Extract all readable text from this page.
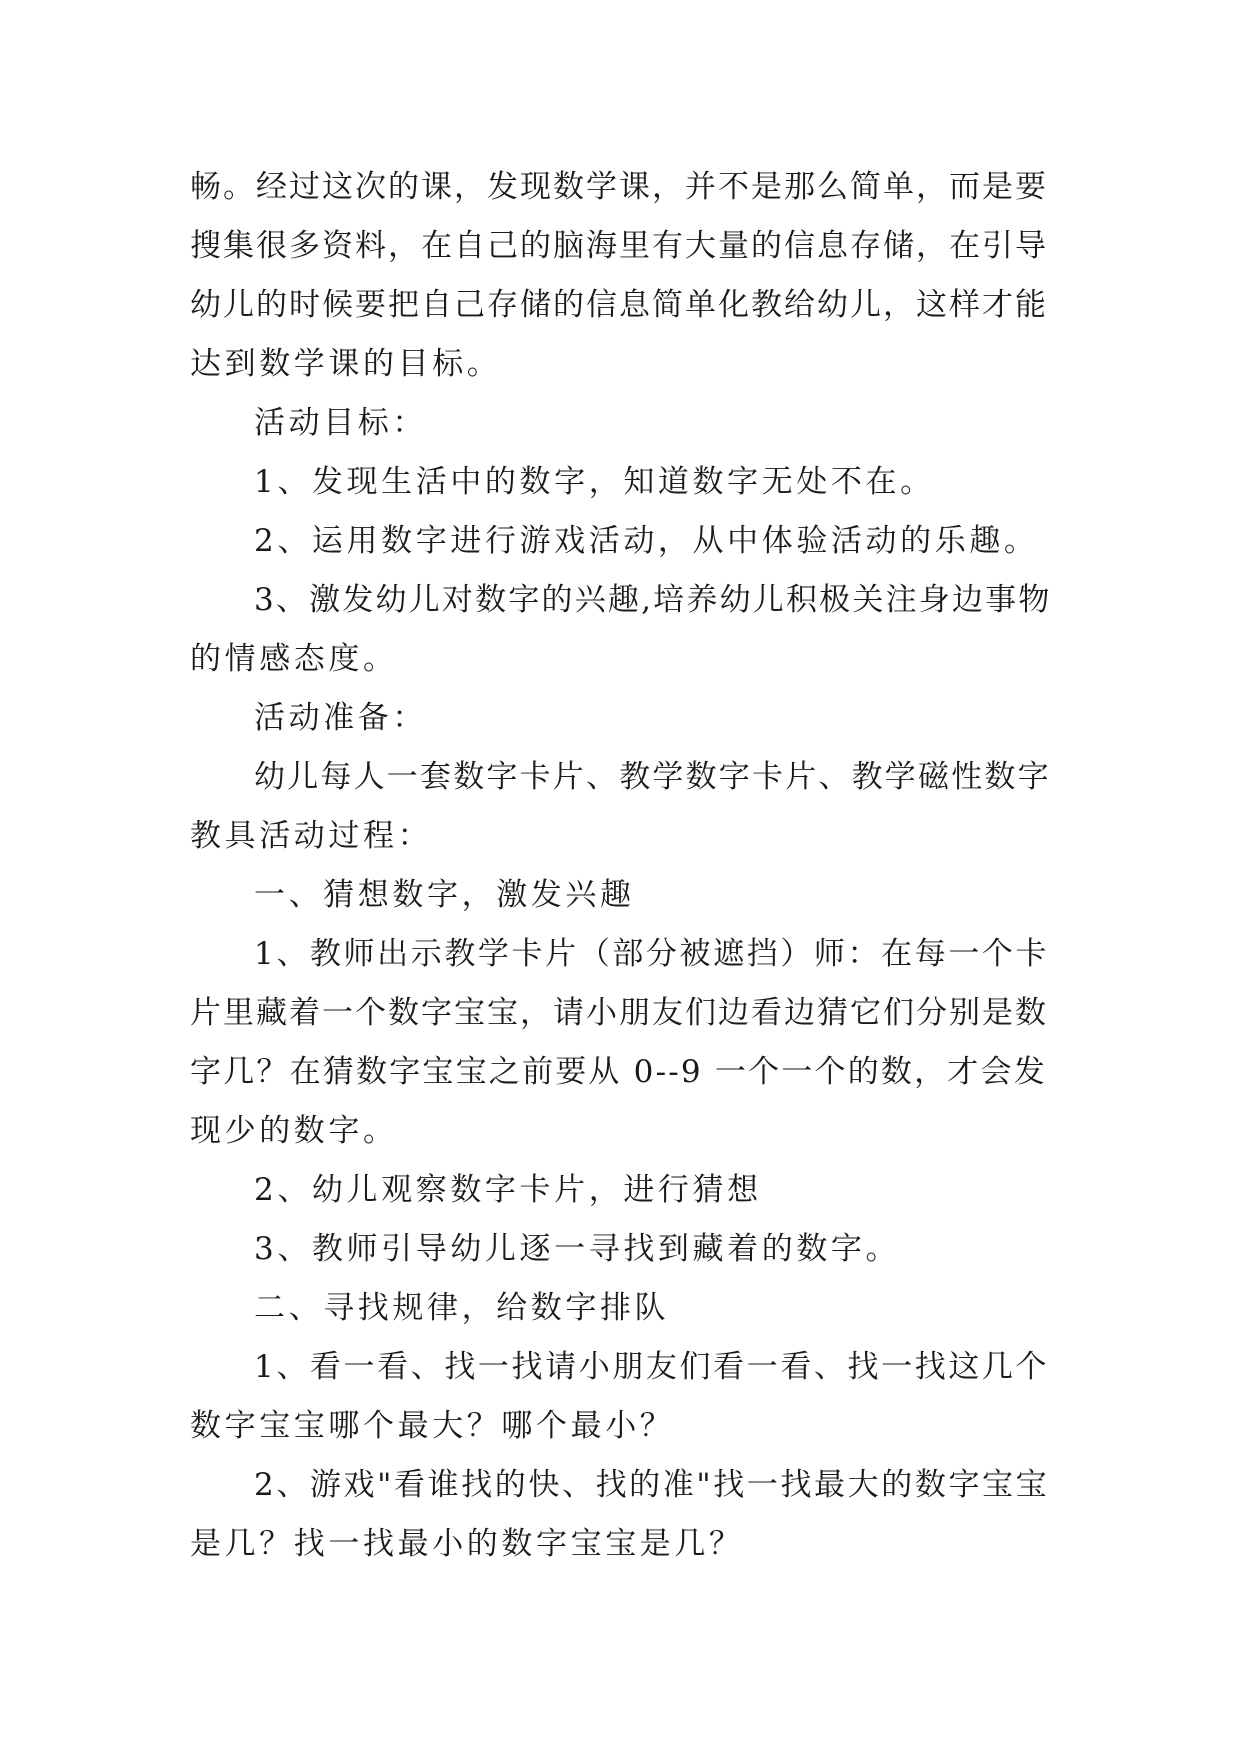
畅。经过这次的课，发现数学课，并不是那么简单，而是要
搜集很多资料，在自己的脑海里有大量的信息存储，在引导
幼儿的时候要把自己存储的信息简单化教给幼儿，这样才能
达到数学课的目标。
活动目标：
1、发现生活中的数字，知道数字无处不在。
2、运用数字进行游戏活动，从中体验活动的乐趣。
3、激发幼儿对数字的兴趣,培养幼儿积极关注身边事物
的情感态度。
活动准备：
幼儿每人一套数字卡片、教学数字卡片、教学磁性数字
教具活动过程：
一、猜想数字，激发兴趣
1、教师出示教学卡片（部分被遮挡）师：在每一个卡
片里藏着一个数字宝宝，请小朋友们边看边猜它们分别是数
字几？在猜数字宝宝之前要从 0--9 一个一个的数，才会发
现少的数字。
2、幼儿观察数字卡片，进行猜想
3、教师引导幼儿逐一寻找到藏着的数字。
二、寻找规律，给数字排队
1、看一看、找一找请小朋友们看一看、找一找这几个
数字宝宝哪个最大？哪个最小？
2、游戏"看谁找的快、找的准"找一找最大的数字宝宝
是几？找一找最小的数字宝宝是几？
